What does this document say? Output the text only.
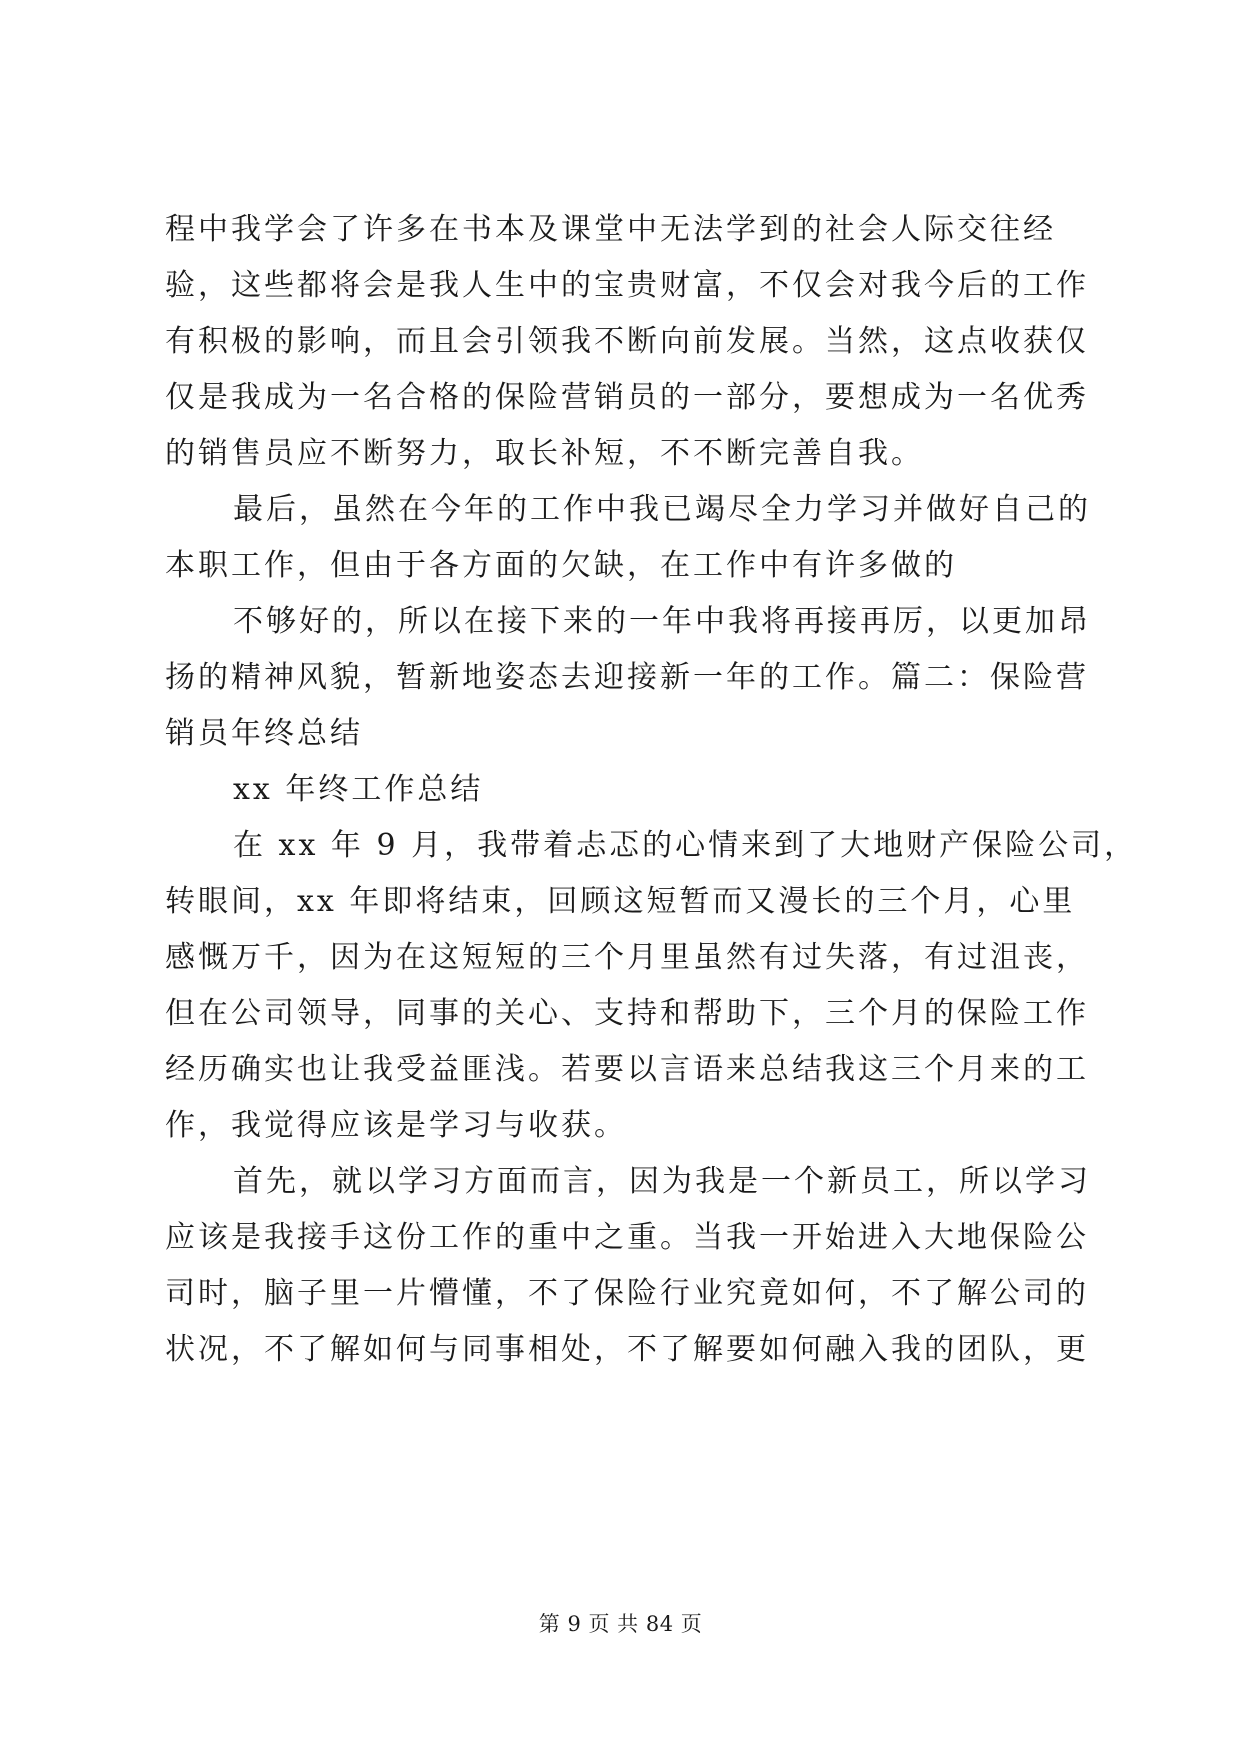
程中我学会了许多在书本及课堂中无法学到的社会人际交往经
验，这些都将会是我人生中的宝贵财富，不仅会对我今后的工作
有积极的影响，而且会引领我不断向前发展。当然，这点收获仅
仅是我成为一名合格的保险营销员的一部分，要想成为一名优秀
的销售员应不断努力，取长补短，不不断完善自我。
最后，虽然在今年的工作中我已竭尽全力学习并做好自己的
本职工作，但由于各方面的欠缺，在工作中有许多做的
不够好的，所以在接下来的一年中我将再接再厉，以更加昂
扬的精神风貌，暂新地姿态去迎接新一年的工作。篇二：保险营
销员年终总结
xx 年终工作总结
在 xx 年 9 月，我带着忐忑的心情来到了大地财产保险公司，
转眼间，xx 年即将结束，回顾这短暂而又漫长的三个月，心里
感慨万千，因为在这短短的三个月里虽然有过失落，有过沮丧，
但在公司领导，同事的关心、支持和帮助下，三个月的保险工作
经历确实也让我受益匪浅。若要以言语来总结我这三个月来的工
作，我觉得应该是学习与收获。
首先，就以学习方面而言，因为我是一个新员工，所以学习
应该是我接手这份工作的重中之重。当我一开始进入大地保险公
司时，脑子里一片懵懂，不了保险行业究竟如何，不了解公司的
状况，不了解如何与同事相处，不了解要如何融入我的团队，更
第 9 页 共 84 页
